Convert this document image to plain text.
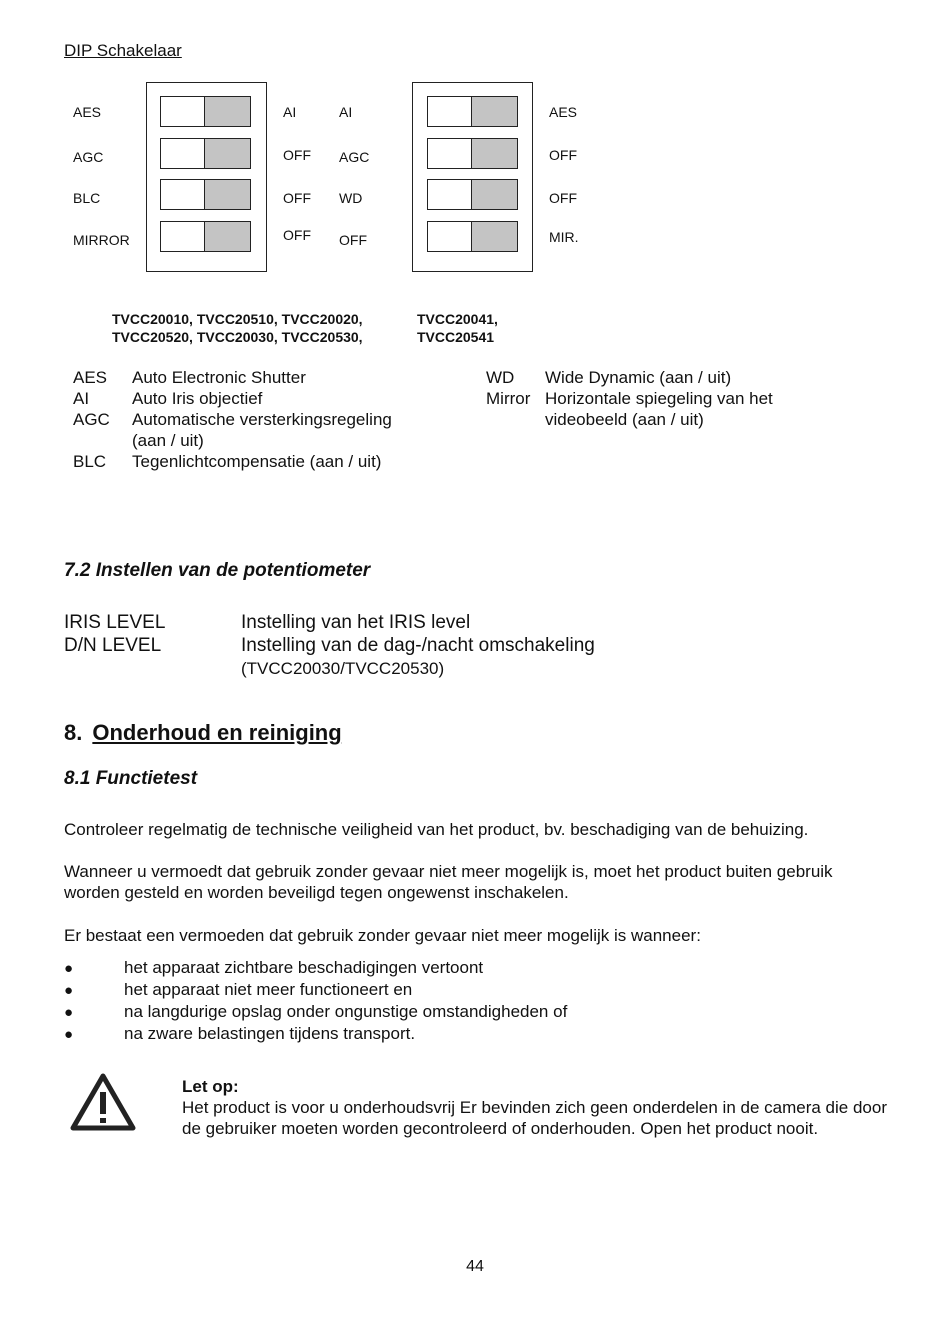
DIP Schakelaar
AES
AGC
BLC
MIRROR
AI
OFF
OFF
OFF
AI
AGC
WD
OFF
AES
OFF
OFF
MIR.
TVCC20010, TVCC20510, TVCC20020,
TVCC20520, TVCC20030, TVCC20530,
TVCC20041,
TVCC20541
AES Auto Electronic Shutter
AI	Auto Iris objectief
AGC Automatische versterkingsregeling
(aan / uit)
BLC Tegenlichtcompensatie (aan / uit)
WD Wide Dynamic (aan / uit)
Mirror Horizontale spiegeling van het
videobeeld (aan / uit)
7.2 Instellen van de potentiometer
IRIS LEVEL	Instelling van het IRIS level
D/N LEVEL	Instelling van de dag-/nacht omschakeling
(TVCC20030/TVCC20530)
8. Onderhoud en reiniging
8.1 Functietest
Controleer regelmatig de technische veiligheid van het product, bv. beschadiging van de behuizing.
Wanneer u vermoedt dat gebruik zonder gevaar niet meer mogelijk is, moet het product buiten gebruik worden gesteld en worden beveiligd tegen ongewenst inschakelen.
Er bestaat een vermoeden dat gebruik zonder gevaar niet meer mogelijk is wanneer:
●	het apparaat zichtbare beschadigingen vertoont
●	het apparaat niet meer functioneert en
●	na langdurige opslag onder ongunstige omstandigheden of
●	na zware belastingen tijdens transport.
Let op:
Het product is voor u onderhoudsvrij Er bevinden zich geen onderdelen in de camera die door de gebruiker moeten worden gecontroleerd of onderhouden. Open het product nooit.
44
